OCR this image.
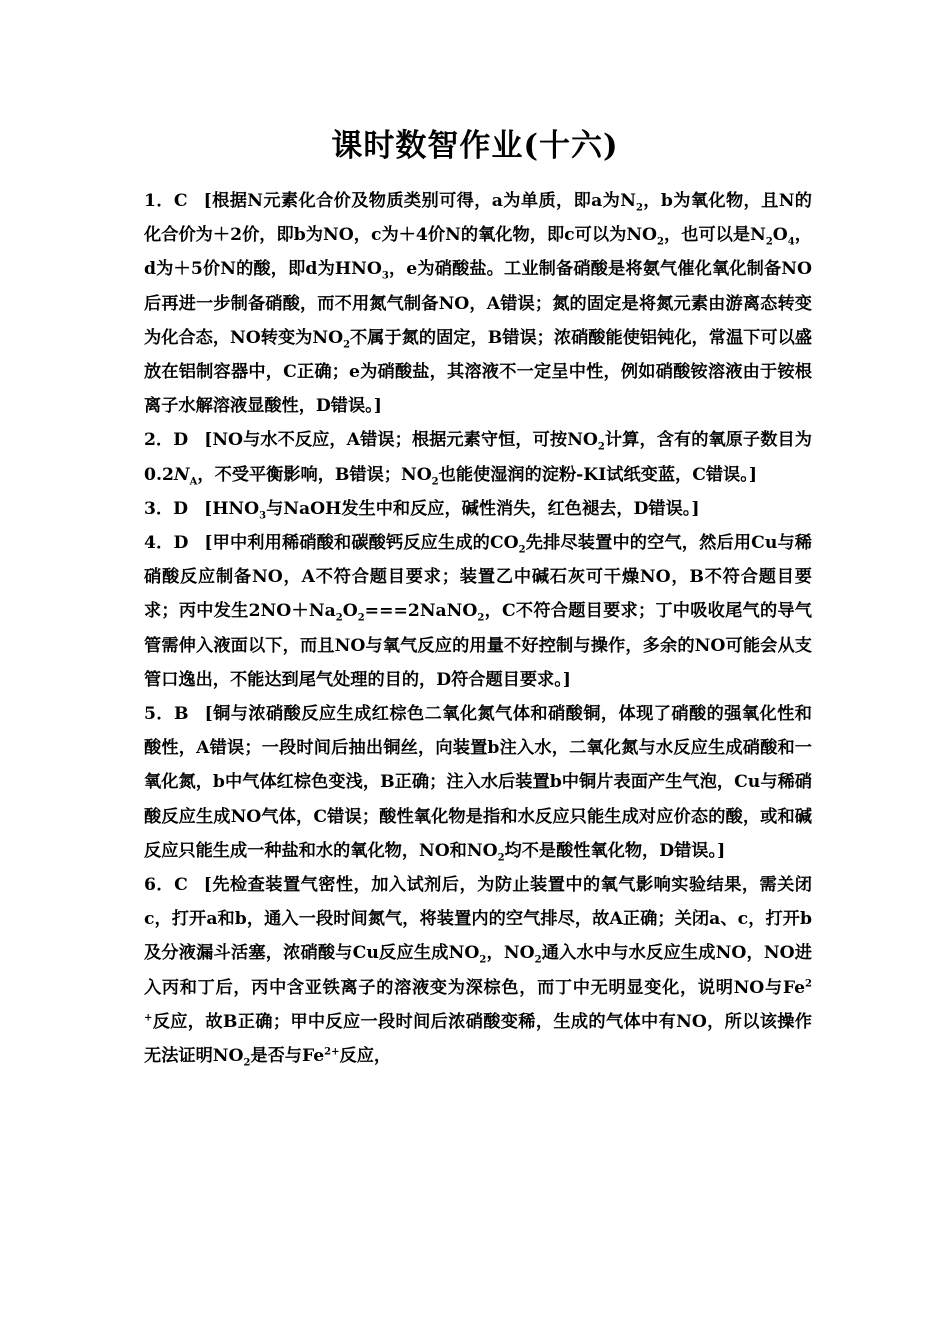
课时数智作业(十六)

1．C [根据N元素化合价及物质类别可得，a为单质，即a为$N_2$，b为氧化物，且N的化合价为＋2价，即b为NO，c为＋4价N的氧化物，即c可以为$NO_2$，也可以是$N_2O_4$，d为＋5价N的酸，即d为$HNO_3$，e为硝酸盐。工业制备硝酸是将氨气催化氧化制备NO后再进一步制备硝酸，而不用氮气制备NO，A错误；氮的固定是将氮元素由游离态转变为化合态，NO转变为$NO_2$不属于氮的固定，B错误；浓硝酸能使铝钝化，常温下可以盛放在铝制容器中，C正确；e为硝酸盐，其溶液不一定呈中性，例如硝酸铵溶液由于铵根离子水解溶液显酸性，D错误。]

2．D [NO与水不反应，A错误；根据元素守恒，可按$NO_2$计算，含有的氧原子数目为$0.2N_A$，不受平衡影响，B错误；$NO_2$也能使湿润的淀粉-KI试纸变蓝，C错误。]

3．D [$HNO_3$与NaOH发生中和反应，碱性消失，红色褪去，D错误。]

4．D [甲中利用稀硝酸和碳酸钙反应生成的$CO_2$先排尽装置中的空气，然后用Cu与稀硝酸反应制备NO，A不符合题目要求；装置乙中碱石灰可干燥NO，B不符合题目要求；丙中发生$2NO+Na_2O_2===2NaNO_2$，C不符合题目要求；丁中吸收尾气的导气管需伸入液面以下，而且NO与氧气反应的用量不好控制与操作，多余的NO可能会从支管口逸出，不能达到尾气处理的目的，D符合题目要求。]

5．B [铜与浓硝酸反应生成红棕色二氧化氮气体和硝酸铜，体现了硝酸的强氧化性和酸性，A错误；一段时间后抽出铜丝，向装置b注入水，二氧化氮与水反应生成硝酸和一氧化氮，b中气体红棕色变浅，B正确；注入水后装置b中铜片表面产生气泡，Cu与稀硝酸反应生成NO气体，C错误；酸性氧化物是指和水反应只能生成对应价态的酸，或和碱反应只能生成一种盐和水的氧化物，NO和$NO_2$均不是酸性氧化物，D错误。]

6．C [先检查装置气密性，加入试剂后，为防止装置中的氧气影响实验结果，需关闭c，打开a和b，通入一段时间氮气，将装置内的空气排尽，故A正确；关闭a、c，打开b及分液漏斗活塞，浓硝酸与Cu反应生成$NO_2$，$NO_2$通入水中与水反应生成NO，NO进入丙和丁后，丙中含亚铁离子的溶液变为深棕色，而丁中无明显变化，说明NO与$Fe^{2+}$反应，故B正确；甲中反应一段时间后浓硝酸变稀，生成的气体中有NO，所以该操作无法证明$NO_2$是否与$Fe^{2+}$反应，
